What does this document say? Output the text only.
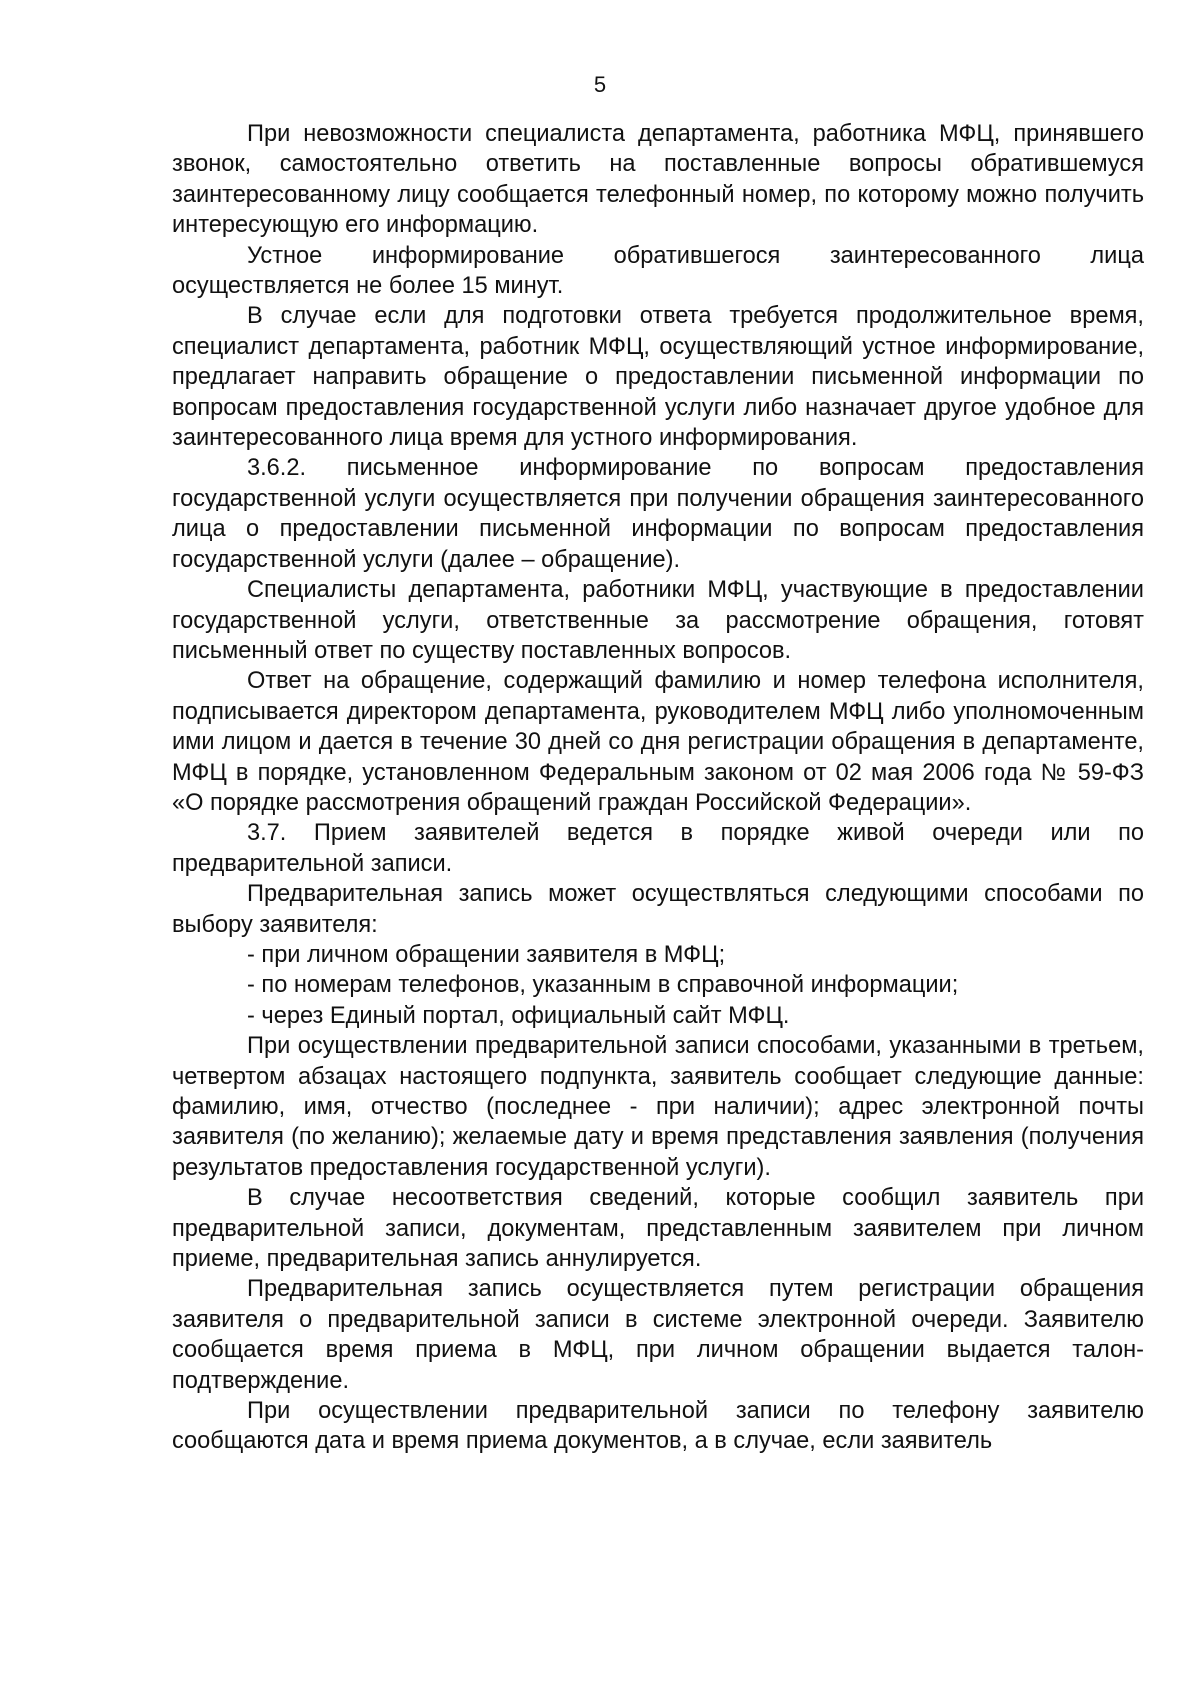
5

При невозможности специалиста департамента, работника МФЦ, принявшего звонок, самостоятельно ответить на поставленные вопросы обратившемуся заинтересованному лицу сообщается телефонный номер, по которому можно получить интересующую его информацию.

Устное информирование обратившегося заинтересованного лица осуществляется не более 15 минут.

В случае если для подготовки ответа требуется продолжительное время, специалист департамента, работник МФЦ, осуществляющий устное информирование, предлагает направить обращение о предоставлении письменной информации по вопросам предоставления государственной услуги либо назначает другое удобное для заинтересованного лица время для устного информирования.

3.6.2. письменное информирование по вопросам предоставления государственной услуги осуществляется при получении обращения заинтересованного лица о предоставлении письменной информации по вопросам предоставления государственной услуги (далее – обращение).

Специалисты департамента, работники МФЦ, участвующие в предоставлении государственной услуги, ответственные за рассмотрение обращения, готовят письменный ответ по существу поставленных вопросов.

Ответ на обращение, содержащий фамилию и номер телефона исполнителя, подписывается директором департамента, руководителем МФЦ либо уполномоченным ими лицом и дается в течение 30 дней со дня регистрации обращения в департаменте, МФЦ в порядке, установленном Федеральным законом от 02 мая 2006 года № 59-ФЗ «О порядке рассмотрения обращений граждан Российской Федерации».

3.7. Прием заявителей ведется в порядке живой очереди или по предварительной записи.

Предварительная запись может осуществляться следующими способами по выбору заявителя:

- при личном обращении заявителя в МФЦ;

- по номерам телефонов, указанным в справочной информации;

- через Единый портал, официальный сайт МФЦ.

При осуществлении предварительной записи способами, указанными в третьем, четвертом абзацах настоящего подпункта, заявитель сообщает следующие данные: фамилию, имя, отчество (последнее - при наличии); адрес электронной почты заявителя (по желанию); желаемые дату и время представления заявления (получения результатов предоставления государственной услуги).

В случае несоответствия сведений, которые сообщил заявитель при предварительной записи, документам, представленным заявителем при личном приеме, предварительная запись аннулируется.

Предварительная запись осуществляется путем регистрации обращения заявителя о предварительной записи в системе электронной очереди. Заявителю сообщается время приема в МФЦ, при личном обращении выдается талон-подтверждение.

При осуществлении предварительной записи по телефону заявителю сообщаются дата и время приема документов, а в случае, если заявитель
